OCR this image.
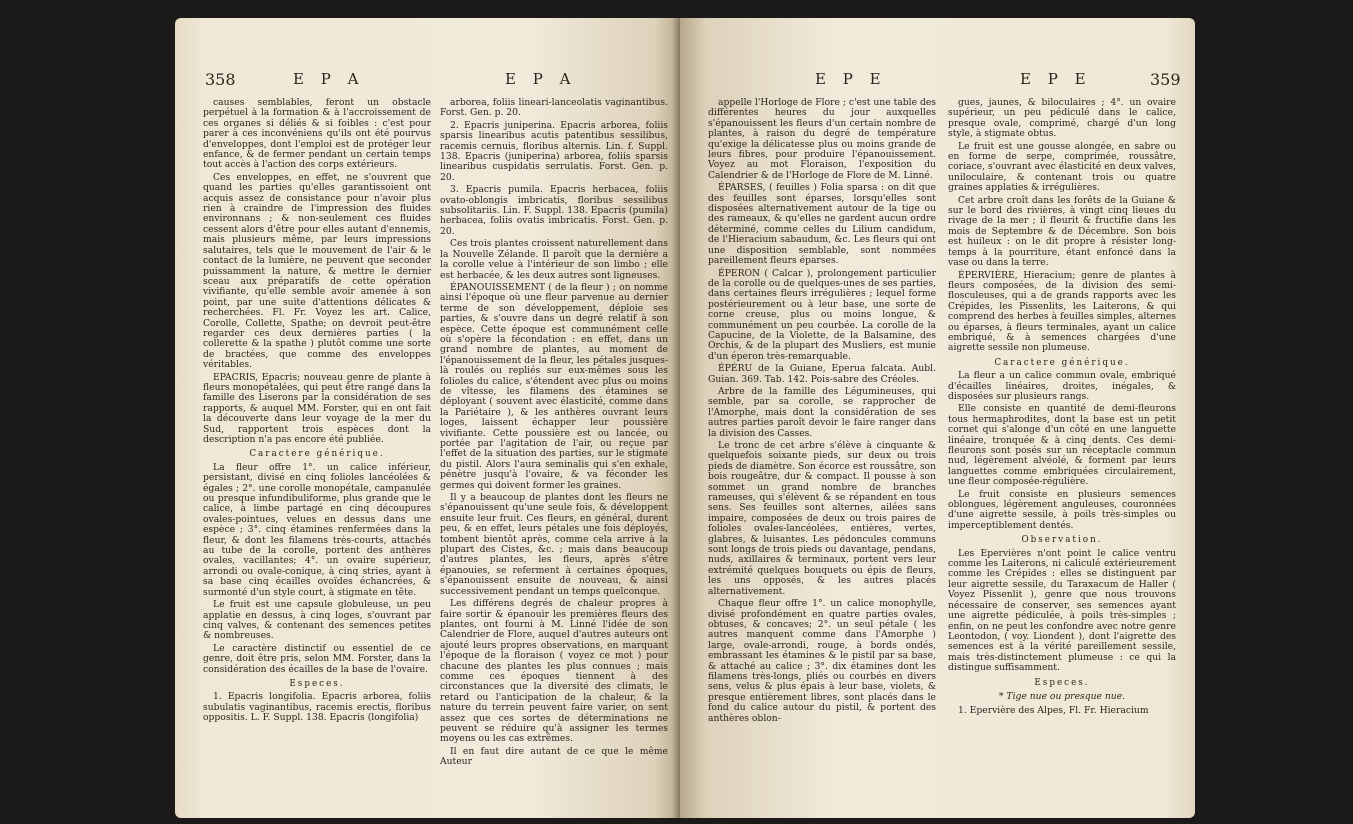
358	E P A	E P A

causes semblables, feront un obstacle perpétuel à la formation & à l'accroissement de ces organes si déliés & si foibles : c'est pour parer à ces inconvéniens qu'ils ont été pourvus d'enveloppes, dont l'emploi est de protéger leur enfance, & de fermer pendant un certain temps tout accès à l'action des corps extérieurs.

Ces enveloppes, en effet, ne s'ouvrent que quand les parties qu'elles garantissoient ont acquis assez de consistance pour n'avoir plus rien à craindre de l'impression des fluides environnans ; & non-seulement ces fluides cessent alors d'être pour elles autant d'ennemis, mais plusieurs même, par leurs impressions salutaires, tels que le mouvement de l'air & le contact de la lumière, ne peuvent que seconder puissamment la nature, & mettre le dernier sceau aux préparatifs de cette opération vivifiante, qu'elle semble avoir amenée à son point, par une suite d'attentions délicates & recherchées. Fl. Fr. Voyez les art. Calice, Corolle, Collette, Spathe; on devroit peut-être regarder ces deux dernières parties ( la collerette & la spathe ) plutôt comme une sorte de bractées, que comme des enveloppes véritables.

EPACRIS, Epacris; nouveau genre de plante à fleurs monopétalées, qui peut être rangé dans la famille des Liserons par la considération de ses rapports, & auquel MM. Forster, qui en ont fait la découverte dans leur voyage de la mer du Sud, rapportent trois espèces dont la description n'a pas encore été publiée.

Caractere générique.

La fleur offre 1°. un calice inférieur, persistant, divisé en cinq folioles lancéolées & égales ; 2°. une corolle monopétale, campanulée ou presque infundibuliforme, plus grande que le calice, à limbe partagé en cinq découpures ovales-pointues, velues en dessus dans une espèce ; 3°. cinq étamines renfermées dans la fleur, & dont les filamens très-courts, attachés au tube de la corolle, portent des anthères ovales, vacillantes; 4°. un ovaire supérieur, arrondi ou ovale-conique, à cinq stries, ayant à sa base cinq écailles ovoïdes échancrées, & surmonté d'un style court, à stigmate en tête.

Le fruit est une capsule globuleuse, un peu applatie en dessus, à cinq loges, s'ouvrant par cinq valves, & contenant des semences petites & nombreuses.

Le caractère distinctif ou essentiel de ce genre, doit être pris, selon MM. Forster, dans la considération des écailles de la base de l'ovaire.

Especes.

1. Epacris longifolia. Epacris arborea, foliis subulatis vaginantibus, racemis erectis, floribus oppositis. L. F. Suppl. 138. Epacris (longifolia)

arborea, foliis lineari-lanceolatis vaginantibus. Forst. Gen. p. 20.

2. Epacris juniperina. Epacris arborea, foliis sparsis linearibus acutis patentibus sessilibus, racemis cernuis, floribus alternis. Lin. f. Suppl. 138. Epacris (juniperina) arborea, foliis sparsis linearibus cuspidatis serrulatis. Forst. Gen. p. 20.

3. Epacris pumila. Epacris herbacea, foliis ovato-oblongis imbricatis, floribus sessilibus subsolitariis. Lin. F. Suppl. 138. Epacris (pumila) herbacea, foliis ovatis imbricatis. Forst. Gen. p. 20.

Ces trois plantes croissent naturellement dans la Nouvelle Zélande. Il paroît que la dernière a la corolle velue à l'intérieur de son limbo ; elle est herbacée, & les deux autres sont ligneuses.

ÉPANOUISSEMENT ( de la fleur ) ; on nomme ainsi l'époque où une fleur parvenue au dernier terme de son développement, déploie ses parties, & s'ouvre dans un degré relatif à son espèce. Cette époque est communément celle où s'opère la fécondation : en effet, dans un grand nombre de plantes, au moment de l'épanouissement de la fleur, les pétales jusques-là roulés ou repliés sur eux-mêmes sous les folioles du calice, s'étendent avec plus ou moins de vîtesse, les filamens des étamines se déployant ( souvent avec élasticité, comme dans la Pariétaire ), & les anthères ouvrant leurs loges, laissent échapper leur poussière vivifiante. Cette poussière est ou lancée, ou portée par l'agitation de l'air, ou reçue par l'effet de la situation des parties, sur le stigmate du pistil. Alors l'aura seminalis qui s'en exhale, pénètre jusqu'à l'ovaire, & va féconder les germes qui doivent former les graines.

Il y a beaucoup de plantes dont les fleurs ne s'épanouissent qu'une seule fois, & développent ensuite leur fruit. Ces fleurs, en général, durent peu, & en effet, leurs pétales une fois déployés, tombent bientôt après, comme cela arrive à la plupart des Cistes, &c. ; mais dans beaucoup d'autres plantes, les fleurs, après s'être épanouies, se referment à certaines époques, s'épanouissent ensuite de nouveau, & ainsi successivement pendant un temps quelconque.

Les différens degrés de chaleur propres à faire sortir & épanouir les premières fleurs des plantes, ont fourni à M. Linné l'idée de son Calendrier de Flore, auquel d'autres auteurs ont ajouté leurs propres observations, en marquant l'époque de la floraison ( voyez ce mot ) pour chacune des plantes les plus connues ; mais comme ces époques tiennent à des circonstances que la diversité des climats, le retard ou l'anticipation de la chaleur, & la nature du terrein peuvent faire varier, on sent assez que ces sortes de déterminations ne peuvent se réduire qu'à assigner les termes moyens ou les cas extrêmes.

Il en faut dire autant de ce que le même Auteur

E P E	E P E	359

appelle l'Horloge de Flore ; c'est une table des différentes heures du jour auxquelles s'épanouissent les fleurs d'un certain nombre de plantes, à raison du degré de température qu'exige la délicatesse plus ou moins grande de leurs fibres, pour produire l'épanouissement. Voyez au mot Floraison, l'exposition du Calendrier & de l'Horloge de Flore de M. Linné.

ÉPARSES, ( feuilles ) Folia sparsa : on dit que des feuilles sont éparses, lorsqu'elles sont disposées alternativement autour de la tige ou des rameaux, & qu'elles ne gardent aucun ordre déterminé, comme celles du Lilium candidum, de l'Hieracium sabaudum, &c. Les fleurs qui ont une disposition semblable, sont nommées pareillement fleurs éparses.

ÉPERON ( Calcar ), prolongement particulier de la corolle ou de quelques-unes de ses parties, dans certaines fleurs irrégulières ; lequel forme postérieurement ou à leur base, une sorte de corne creuse, plus ou moins longue, & communément un peu courbée. La corolle de la Capucine, de la Violette, de la Balsamine, des Orchis, & de la plupart des Musliers, est munie d'un éperon très-remarquable.

ÉPÉRU de la Guiane, Eperua falcata. Aubl. Guian. 369. Tab. 142. Pois-sabre des Créoles.

Arbre de la famille des Légumineuses, qui semble, par sa corolle, se rapprocher de l'Amorphe, mais dont la considération de ses autres parties paroît devoir le faire ranger dans la division des Casses.

Le tronc de cet arbre s'élève à cinquante & quelquefois soixante pieds, sur deux ou trois pieds de diamètre. Son écorce est roussâtre, son bois rougeâtre, dur & compact. Il pousse à son sommet un grand nombre de branches rameuses, qui s'élèvent & se répandent en tous sens. Ses feuilles sont alternes, ailées sans impaire, composées de deux ou trois paires de folioles ovales-lancéolées, entières, vertes, glabres, & luisantes. Les pédoncules communs sont longs de trois pieds ou davantage, pendans, nuds, axillaires & terminaux, portent vers leur extrémité quelques bouquets ou épis de fleurs, les uns opposés, & les autres placés alternativement.

Chaque fleur offre 1°. un calice monophylle, divisé profondément en quatre parties ovales, obtuses, & concaves; 2°. un seul pétale ( les autres manquent comme dans l'Amorphe ) large, ovale-arrondi, rouge, à bords ondés, embrassant les étamines & le pistil par sa base, & attaché au calice ; 3°. dix étamines dont les filamens très-longs, pliés ou courbés en divers sens, velus & plus épais à leur base, violets, & presque entièrement libres, sont placés dans le fond du calice autour du pistil, & portent des anthères oblon-

gues, jaunes, & biloculaires ; 4°. un ovaire supérieur, un peu pédiculé dans le calice, presque ovale, comprimé, chargé d'un long style, à stigmate obtus.

Le fruit est une gousse alongée, en sabre ou en forme de serpe, comprimée, roussâtre, coriace, s'ouvrant avec élasticité en deux valves, uniloculaire, & contenant trois ou quatre graines applaties & irrégulières.

Cet arbre croît dans les forêts de la Guiane & sur le bord des rivières, à vingt cinq lieues du rivage de la mer ; il fleurit & fructifie dans les mois de Septembre & de Décembre. Son bois est huileux : on le dit propre à résister long-temps à la pourriture, étant enfoncé dans la vase ou dans la terre.

ÉPERVIÈRE, Hieracium; genre de plantes à fleurs composées, de la division des semi-flosculeuses, qui a de grands rapports avec les Crépides, les Pissenlits, les Laiterons, & qui comprend des herbes à feuilles simples, alternes ou éparses, à fleurs terminales, ayant un calice embriqué, & à semences chargées d'une aigrette sessile non plumeuse.

Caractere générique.

La fleur a un calice commun ovale, embriqué d'écailles linéaires, droites, inégales, & disposées sur plusieurs rangs.

Elle consiste en quantité de demi-fleurons tous hermaphrodites, dont la base est un petit cornet qui s'alonge d'un côté en une languette linéaire, tronquée & à cinq dents. Ces demi-fleurons sont posés sur un réceptacle commun nud, légèrement alvéolé, & forment par leurs languettes comme embriquées circulairement, une fleur composée-régulière.

Le fruit consiste en plusieurs semences oblongues, légèrement anguleuses, couronnées d'une aigrette sessile, à poils très-simples ou imperceptiblement dentés.

Observation.

Les Epervières n'ont point le calice ventru comme les Laiterons, ni caliculé extérieurement comme les Crépides : elles se distinguent par leur aigrette sessile, du Taraxacum de Haller ( Voyez Pissenlit ), genre que nous trouvons nécessaire de conserver, ses semences ayant une aigrette pédiculée, à poils très-simples ; enfin, on ne peut les confondre avec notre genre Leontodon, ( voy. Liondent ), dont l'aigrette des semences est à la vérité pareillement sessile, mais très-distinctement plumeuse : ce qui la distingue suffisamment.

Especes.

* Tige nue ou presque nue.

1. Epervière des Alpes, Fl. Fr. Hieracium
